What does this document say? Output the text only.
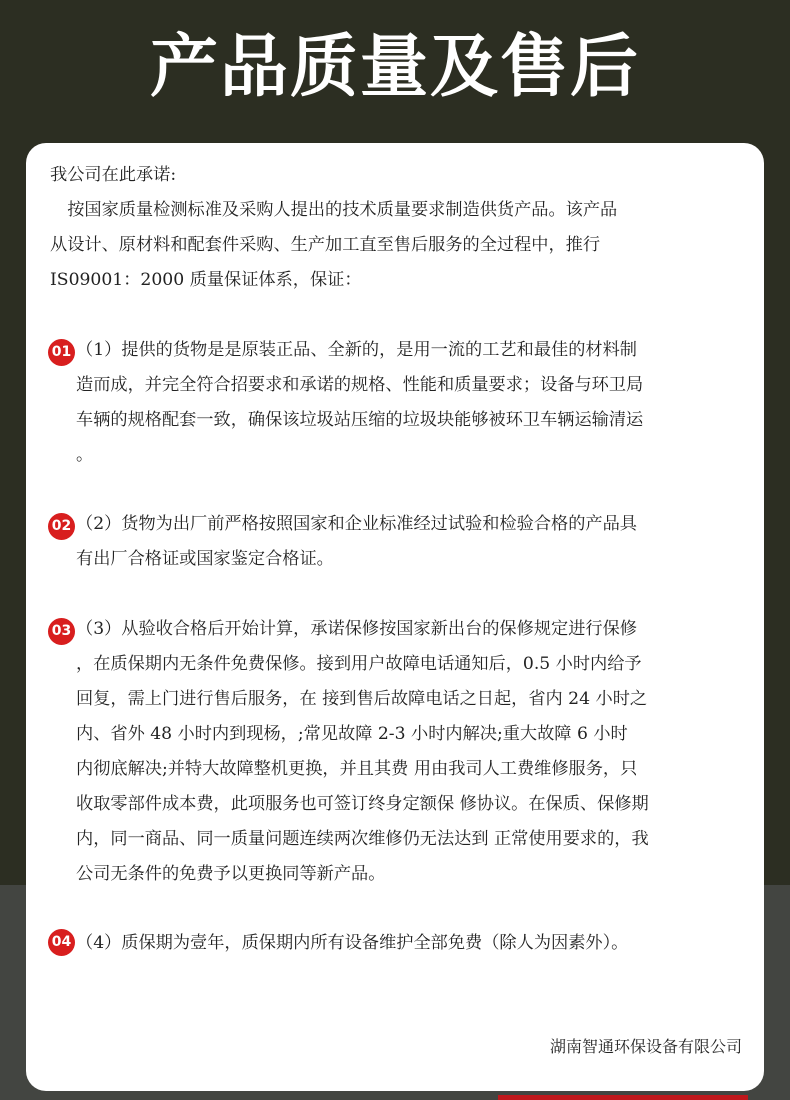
产品质量及售后
我公司在此承诺:
　按国家质量检测标准及采购人提出的技术质量要求制造供货产品。该产品
从设计、原材料和配套件采购、生产加工直至售后服务的全过程中，推行
IS09001：2000 质量保证体系，保证：
01 （1）提供的货物是是原装正品、全新的，是用一流的工艺和最佳的材料制
造而成，并完全符合招要求和承诺的规格、性能和质量要求；设备与环卫局
车辆的规格配套一致，确保该垃圾站压缩的垃圾块能够被环卫车辆运输清运
。
02 （2）货物为出厂前严格按照国家和企业标准经过试验和检验合格的产品具
有出厂合格证或国家鉴定合格证。
03 （3）从验收合格后开始计算，承诺保修按国家新出台的保修规定进行保修
，在质保期内无条件免费保修。接到用户故障电话通知后，0.5 小时内给予
回复，需上门进行售后服务，在 接到售后故障电话之日起，省内 24 小时之
内、省外 48 小时内到现杨，;常见故障 2-3 小时内解决;重大故障 6 小时
内彻底解决;并特大故障整机更换，并且其费 用由我司人工费维修服务，只
收取零部件成本费，此项服务也可签订终身定额保 修协议。在保质、保修期
内，同一商品、同一质量问题连续两次维修仍无法达到 正常使用要求的，我
公司无条件的免费予以更换同等新产品。
04 （4）质保期为壹年，质保期内所有设备维护全部免费（除人为因素外）。
湖南智通环保设备有限公司
